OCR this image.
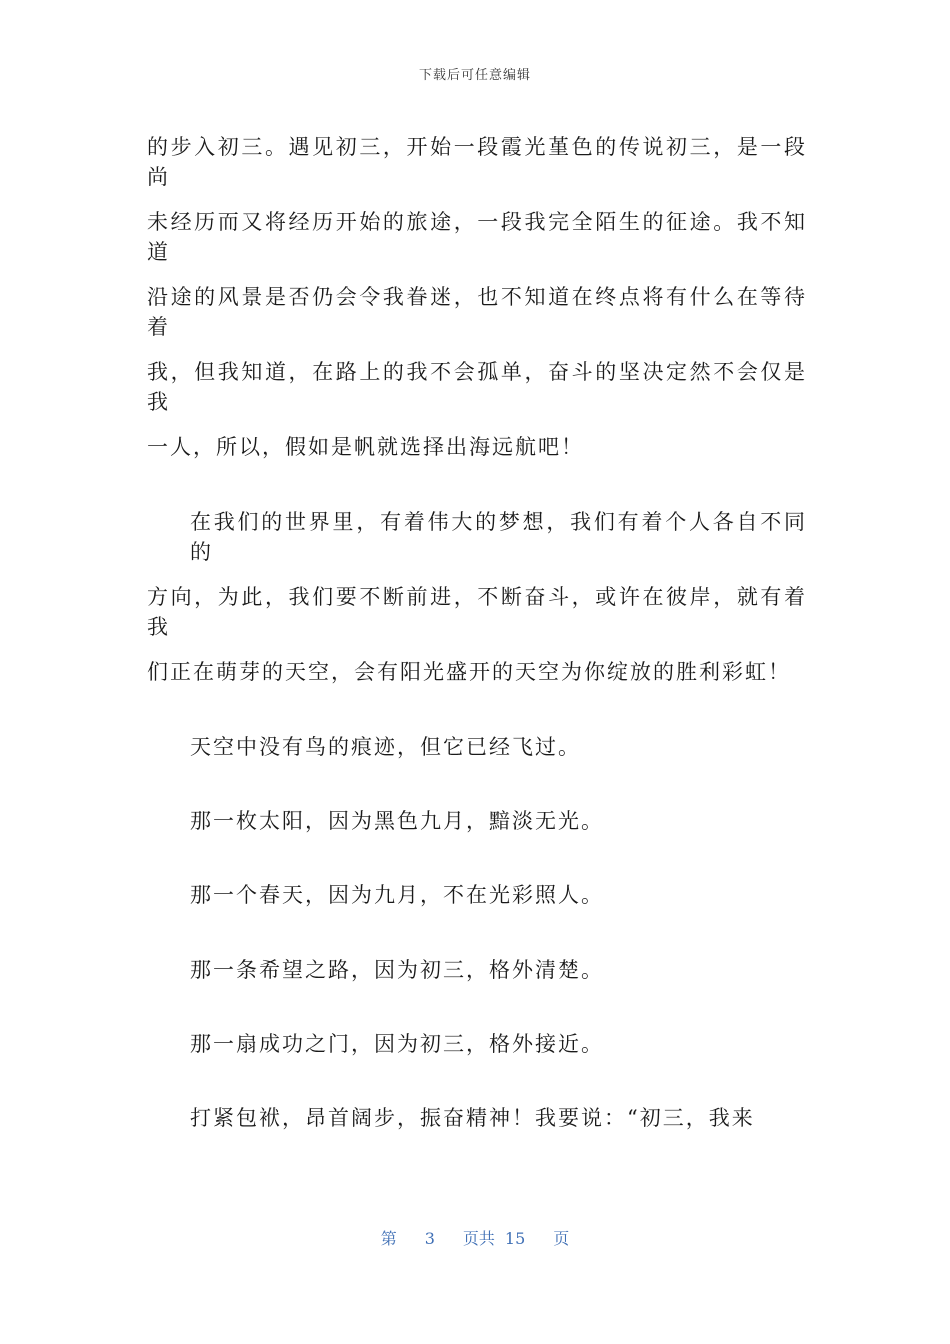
下载后可任意编辑
的步入初三。遇见初三，开始一段霞光堇色的传说初三，是一段尚
未经历而又将经历开始的旅途，一段我完全陌生的征途。我不知道
沿途的风景是否仍会令我眷迷，也不知道在终点将有什么在等待着
我，但我知道，在路上的我不会孤单，奋斗的坚决定然不会仅是我
一人，所以，假如是帆就选择出海远航吧！
在我们的世界里，有着伟大的梦想，我们有着个人各自不同的
方向，为此，我们要不断前进，不断奋斗，或许在彼岸，就有着我
们正在萌芽的天空，会有阳光盛开的天空为你绽放的胜利彩虹！
天空中没有鸟的痕迹，但它已经飞过。
那一枚太阳，因为黑色九月，黯淡无光。
那一个春天，因为九月，不在光彩照人。
那一条希望之路，因为初三，格外清楚。
那一扇成功之门，因为初三，格外接近。
打紧包袱，昂首阔步，振奋精神！我要说：“初三，我来
第 3 页共 15 页
